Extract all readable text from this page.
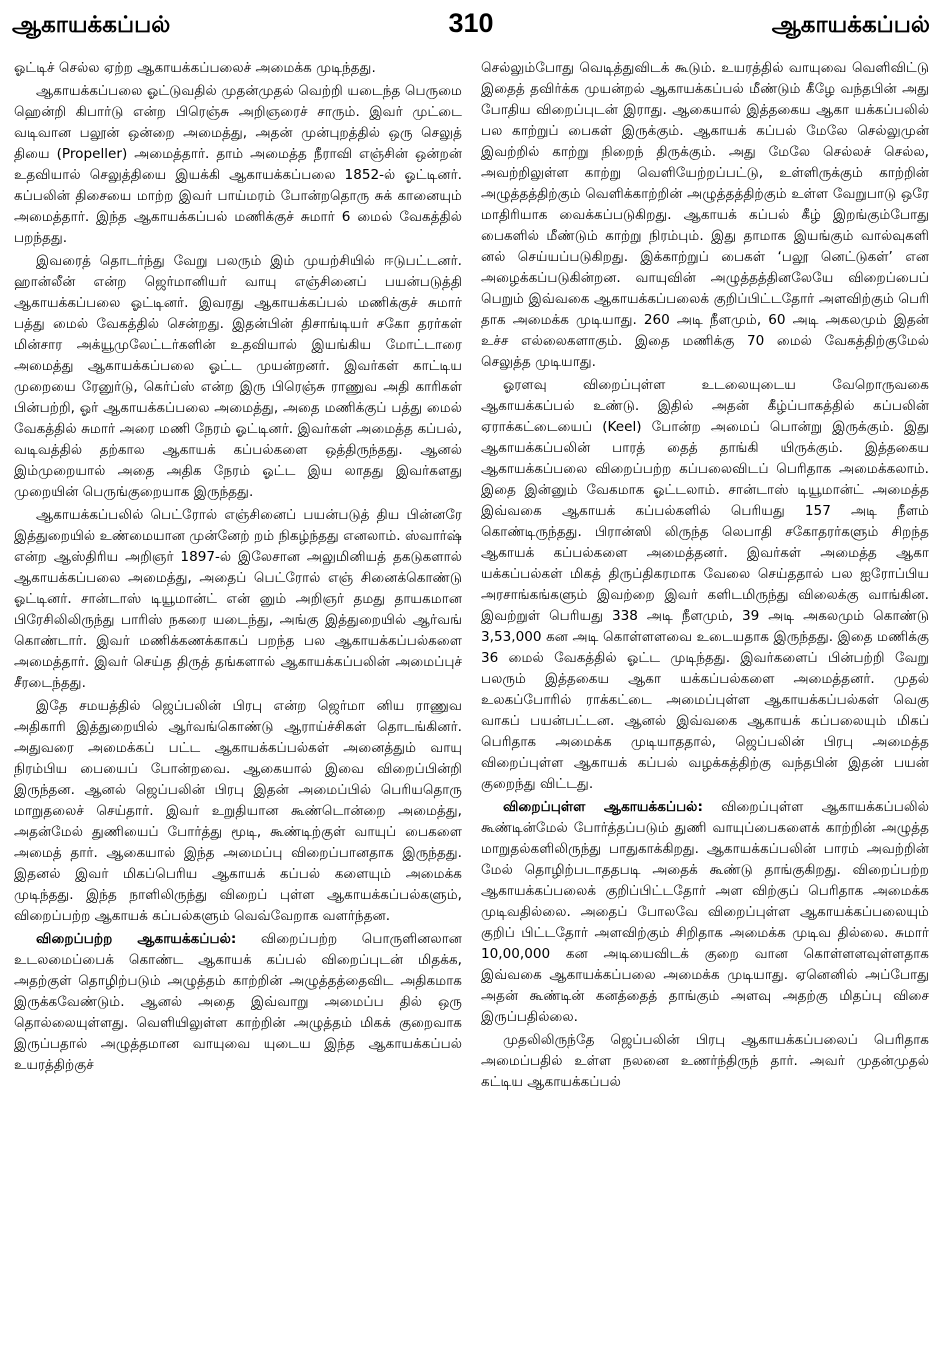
ஆகாயக்கப்பல்	310	ஆகாயக்கப்பல்

ஓட்டிச் செல்ல ஏற்ற ஆகாயக்கப்பலைச் அமைக்க முடிந்தது.

ஆகாயக்கப்பலை ஓட்டுவதில் முதன்முதல் வெற்றி யடைந்த பெருமை ஹென்றி கிபார்டு என்ற பிரெஞ்சு அறிஞரைச் சாரும். இவர் முட்டை வடிவான பலூன் ஒன்றை அமைத்து, அதன் முன்புறத்தில் ஒரு செலுத் தியை (Propeller) அமைத்தார். தாம் அமைத்த நீராவி எஞ்சின் ஒன்றன் உதவியால் செலுத்தியை இயக்கி ஆகாயக்கப்பலை 1852-ல் ஓட்டினர். கப்பலின் திசையை மாற்ற இவர் பாய்மரம் போன்றதொரு சுக் கானையும் அமைத்தார். இந்த ஆகாயக்கப்பல் மணிக்குச் சுமார் 6 மைல் வேகத்தில் பறந்தது.

இவரைத் தொடர்ந்து வேறு பலரும் இம் முயற்சியில் ஈடுபட்டனர். ஹான்லீன் என்ற ஜெர்மானியர் வாயு எஞ்சினைப் பயன்படுத்தி ஆகாயக்கப்பலை ஓட்டினர். இவரது ஆகாயக்கப்பல் மணிக்குச் சுமார் பத்து மைல் வேகத்தில் சென்றது. இதன்பின் திசாங்டியர் சகோ தரர்கள் மின்சார அக்யூமுலேட்டர்களின் உதவியால் இயங்கிய மோட்டாரை அமைத்து ஆகாயக்கப்பலை ஓட்ட முயன்றனர். இவர்கள் காட்டிய முறையை ரேனுர்டு, கெர்ப்ஸ் என்ற இரு பிரெஞ்சு ராணுவ அதி காரிகள் பின்பற்றி, ஓர் ஆகாயக்கப்பலை அமைத்து, அதை மணிக்குப் பத்து மைல் வேகத்தில் சுமார் அரை மணி நேரம் ஓட்டினர். இவர்கள் அமைத்த கப்பல், வடிவத்தில் தற்கால ஆகாயக் கப்பல்களை ஒத்திருந்தது. ஆனல் இம்முறையால் அதை அதிக நேரம் ஓட்ட இய லாதது இவர்களது முறையின் பெருங்குறையாக இருந்தது.

ஆகாயக்கப்பலில் பெட்ரோல் எஞ்சினைப் பயன்படுத் திய பின்னரே இத்துறையில் உண்மையான முன்னேற் றம் நிகழ்ந்தது எனலாம். ஸ்வார்ஷ் என்ற ஆஸ்திரிய அறிஞர் 1897-ல் இலேசான அலுமினியத் தகடுகளால் ஆகாயக்கப்பலை அமைத்து, அதைப் பெட்ரோல் எஞ் சினைக்கொண்டு ஓட்டினர். சான்டாஸ் டியூமான்ட் என் னும் அறிஞர் தமது தாயகமான பிரேசிலிலிருந்து பாரிஸ் நகரை யடைந்து, அங்கு இத்துறையில் ஆர்வங் கொண்டார். இவர் மணிக்கணக்காகப் பறந்த பல ஆகாயக்கப்பல்களை அமைத்தார். இவர் செய்த திருத் தங்களால் ஆகாயக்கப்பலின் அமைப்புச் சீரடைந்தது.

இதே சமயத்தில் ஜெப்பலின் பிரபு என்ற ஜெர்மா னிய ராணுவ அதிகாரி இத்துறையில் ஆர்வங்கொண்டு ஆராய்ச்சிகள் தொடங்கினர். அதுவரை அமைக்கப் பட்ட ஆகாயக்கப்பல்கள் அனைத்தும் வாயு நிரம்பிய பையைப் போன்றவை. ஆகையால் இவை விறைப்பின்றி இருந்தன. ஆனல் ஜெப்பலின் பிரபு இதன் அமைப்பில் பெரியதொரு மாறுதலைச் செய்தார். இவர் உறுதியான கூண்டொன்றை அமைத்து, அதன்மேல் துணியைப் போர்த்து மூடி, கூண்டிற்குள் வாயுப் பைகளை அமைத் தார். ஆகையால் இந்த அமைப்பு விறைப்பானதாக இருந்தது. இதனல் இவர் மிகப்பெரிய ஆகாயக் கப்பல் களையும் அமைக்க முடிந்தது. இந்த நாளிலிருந்து விறைப் புள்ள ஆகாயக்கப்பல்களும், விறைப்பற்ற ஆகாயக் கப்பல்களும் வெவ்வேறாக வளர்ந்தன.

விறைப்பற்ற ஆகாயக்கப்பல்: விறைப்பற்ற பொருளினலான உடலமைப்பைக் கொண்ட ஆகாயக் கப்பல் விறைப்புடன் மிதக்க, அதற்குள் தொழிற்படும் அழுத்தம் காற்றின் அழுத்தத்தைவிட அதிகமாக இருக்கவேண்டும். ஆனல் அதை இவ்வாறு அமைப்ப தில் ஒரு தொல்லையுள்ளது. வெளியிலுள்ள காற்றின் அழுத்தம் மிகக் குறைவாக இருப்பதால் அழுத்தமான வாயுவை யுடைய இந்த ஆகாயக்கப்பல் உயரத்திற்குச்

செல்லும்போது வெடித்துவிடக் கூடும். உயரத்தில் வாயுவை வெளிவிட்டு இதைத் தவிர்க்க முயன்றல் ஆகாயக்கப்பல் மீண்டும் கீழே வந்தபின் அது போதிய விறைப்புடன் இராது. ஆகையால் இத்தகைய ஆகா யக்கப்பலில் பல காற்றுப் பைகள் இருக்கும். ஆகாயக் கப்பல் மேலே செல்லுமுன் இவற்றில் காற்று நிறைந் திருக்கும். அது மேலே செல்லச் செல்ல, அவற்றிலுள்ள காற்று வெளியேற்றப்பட்டு, உள்ளிருக்கும் காற்றின் அழுத்தத்திற்கும் வெளிக்காற்றின் அழுத்தத்திற்கும் உள்ள வேறுபாடு ஒரே மாதிரியாக வைக்கப்படுகிறது. ஆகாயக் கப்பல் கீழ் இறங்கும்போது பைகளில் மீண்டும் காற்று நிரம்பும். இது தாமாக இயங்கும் வால்வுகளி னல் செய்யப்படுகிறது. இக்காற்றுப் பைகள் ‘பலூ னெட்டுகள்’ என அழைக்கப்படுகின்றன. வாயுவின் அழுத்தத்தினலேயே விறைப்பைப் பெறும் இவ்வகை ஆகாயக்கப்பலைக் குறிப்பிட்டதோர் அளவிற்கும் பெரி தாக அமைக்க முடியாது. 260 அடி நீளமும், 60 அடி அகலமும் இதன் உச்ச எல்லைகளாகும். இதை மணிக்கு 70 மைல் வேகத்திற்குமேல் செலுத்த முடியாது.

ஓரளவு விறைப்புள்ள உடலையுடைய வேறொருவகை ஆகாயக்கப்பல் உண்டு. இதில் அதன் கீழ்ப்பாகத்தில் கப்பலின் ஏராக்கட்டையைப் (Keel) போன்ற அமைப் பொன்று இருக்கும். இது ஆகாயக்கப்பலின் பாரத் தைத் தாங்கி யிருக்கும். இத்தகைய ஆகாயக்கப்பலை விறைப்பற்ற கப்பலைவிடப் பெரிதாக அமைக்கலாம். இதை இன்னும் வேகமாக ஓட்டலாம். சான்டாஸ் டியூமான்ட் அமைத்த இவ்வகை ஆகாயக் கப்பல்களில் பெரியது 157 அடி நீளம் கொண்டிருந்தது. பிரான்ஸி லிருந்த லெபாதி சகோதரர்களும் சிறந்த ஆகாயக் கப்பல்களை அமைத்தனர். இவர்கள் அமைத்த ஆகா யக்கப்பல்கள் மிகத் திருப்திகரமாக வேலை செய்ததால் பல ஐரோப்பிய அரசாங்கங்களும் இவற்றை இவர் களிடமிருந்து விலைக்கு வாங்கின. இவற்றுள் பெரியது 338 அடி நீளமும், 39 அடி அகலமும் கொண்டு 3,53,000 கன அடி கொள்ளளவை உடையதாக இருந்தது. இதை மணிக்கு 36 மைல் வேகத்தில் ஓட்ட முடிந்தது. இவர்களைப் பின்பற்றி வேறு பலரும் இத்தகைய ஆகா யக்கப்பல்களை அமைத்தனர். முதல் உலகப்போரில் ராக்கட்டை அமைப்புள்ள ஆகாயக்கப்பல்கள் வெகு வாகப் பயன்பட்டன. ஆனல் இவ்வகை ஆகாயக் கப்பலையும் மிகப் பெரிதாக அமைக்க முடியாததால், ஜெப்பலின் பிரபு அமைத்த விறைப்புள்ள ஆகாயக் கப்பல் வழக்கத்திற்கு வந்தபின் இதன் பயன் குறைந்து விட்டது.

விறைப்புள்ள ஆகாயக்கப்பல்: விறைப்புள்ள ஆகாயக்கப்பலில் கூண்டின்மேல் போர்த்தப்படும் துணி வாயுப்பைகளைக் காற்றின் அழுத்த மாறுதல்களிலிருந்து பாதுகாக்கிறது. ஆகாயக்கப்பலின் பாரம் அவற்றின் மேல் தொழிற்படாததபடி அதைக் கூண்டு தாங்குகிறது. விறைப்பற்ற ஆகாயக்கப்பலைக் குறிப்பிட்டதோர் அள விற்குப் பெரிதாக அமைக்க முடிவதில்லை. அதைப் போலவே விறைப்புள்ள ஆகாயக்கப்பலையும் குறிப் பிட்டதோர் அளவிற்கும் சிறிதாக அமைக்க முடிவ தில்லை. சுமார் 10,00,000 கன அடியைவிடக் குறை வான கொள்ளளவுள்ளதாக இவ்வகை ஆகாயக்கப்பலை அமைக்க முடியாது. ஏனெனில் அப்போது அதன் கூண்டின் கனத்தைத் தாங்கும் அளவு அதற்கு மிதப்பு விசை இருப்பதில்லை.

முதலிலிருந்தே ஜெப்பலின் பிரபு ஆகாயக்கப்பலைப் பெரிதாக அமைப்பதில் உள்ள நலனை உணர்ந்திருந் தார். அவர் முதன்முதல் கட்டிய ஆகாயக்கப்பல்
